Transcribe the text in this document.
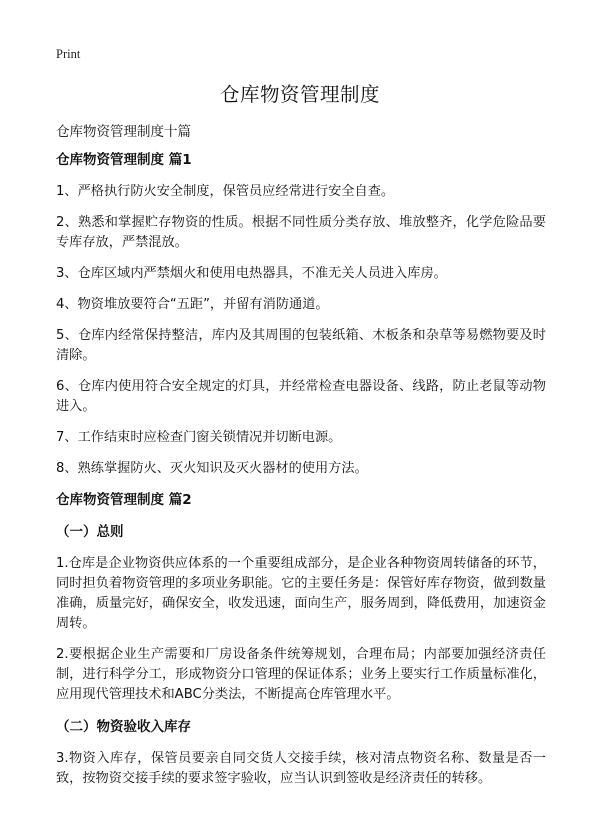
Print
仓库物资管理制度
仓库物资管理制度十篇

仓库物资管理制度 篇1

1、严格执行防火安全制度，保管员应经常进行安全自查。

2、熟悉和掌握贮存物资的性质。根据不同性质分类存放、堆放整齐，化学危险品要专库存放，严禁混放。

3、仓库区域内严禁烟火和使用电热器具，不准无关人员进入库房。

4、物资堆放要符合“五距”，并留有消防通道。

5、仓库内经常保持整洁，库内及其周围的包装纸箱、木板条和杂草等易燃物要及时清除。

6、仓库内使用符合安全规定的灯具，并经常检查电器设备、线路，防止老鼠等动物进入。

7、工作结束时应检查门窗关锁情况并切断电源。

8、熟练掌握防火、灭火知识及灭火器材的使用方法。

仓库物资管理制度 篇2

（一）总则

1.仓库是企业物资供应体系的一个重要组成部分，是企业各种物资周转储备的环节，同时担负着物资管理的多项业务职能。它的主要任务是：保管好库存物资，做到数量准确，质量完好，确保安全，收发迅速，面向生产，服务周到，降低费用，加速资金周转。

2.要根据企业生产需要和厂房设备条件统筹规划，合理布局；内部要加强经济责任制，进行科学分工，形成物资分口管理的保证体系；业务上要实行工作质量标准化，应用现代管理技术和ABC分类法，不断提高仓库管理水平。

（二）物资验收入库存

3.物资入库存，保管员要亲自同交货人交接手续，核对清点物资名称、数量是否一致，按物资交接手续的要求签字验收，应当认识到签收是经济责任的转移。
